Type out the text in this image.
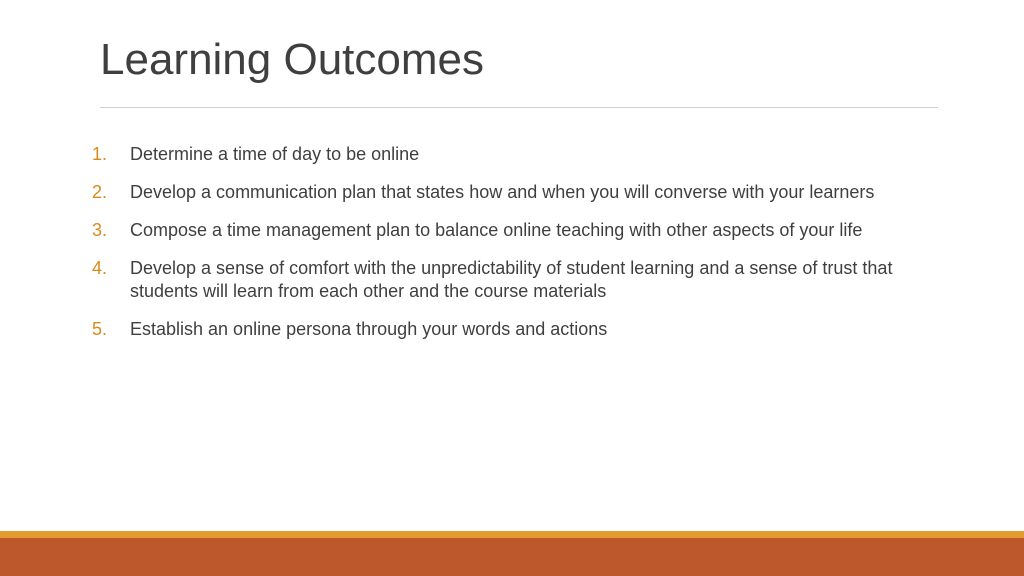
Learning Outcomes
1.	Determine a time of day to be online
2.	Develop a communication plan that states how and when you will converse with your learners
3.	Compose a time management plan to balance online teaching with other aspects of your life
4.	Develop a sense of comfort with the unpredictability of student learning and a sense of trust that students will learn from each other and the course materials
5.	Establish an online persona through your words and actions
